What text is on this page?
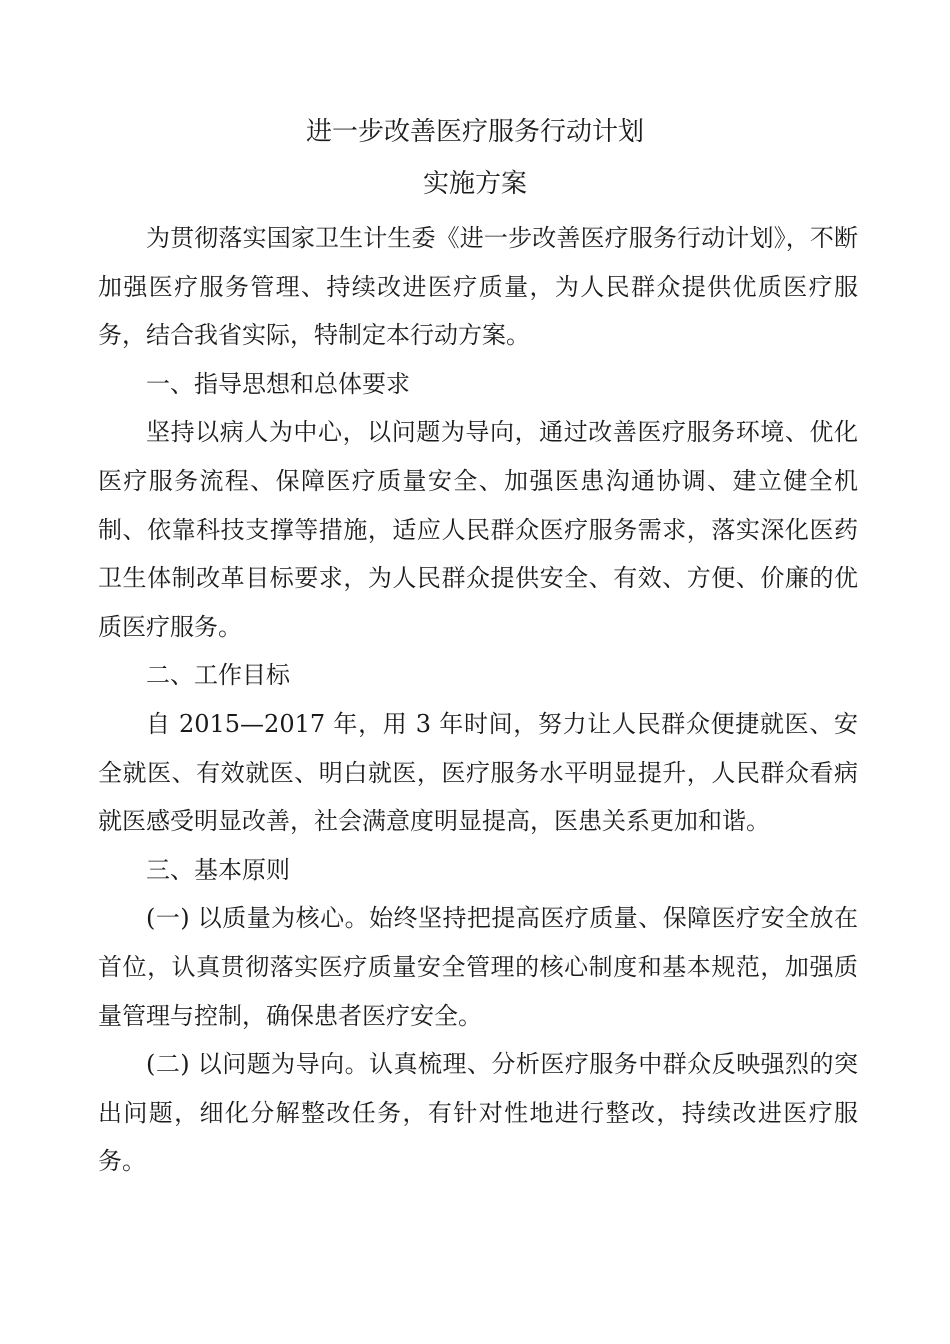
进一步改善医疗服务行动计划
实施方案

为贯彻落实国家卫生计生委《进一步改善医疗服务行动计划》，不断加强医疗服务管理、持续改进医疗质量，为人民群众提供优质医疗服务，结合我省实际，特制定本行动方案。

一、指导思想和总体要求

坚持以病人为中心，以问题为导向，通过改善医疗服务环境、优化医疗服务流程、保障医疗质量安全、加强医患沟通协调、建立健全机制、依靠科技支撑等措施，适应人民群众医疗服务需求，落实深化医药卫生体制改革目标要求，为人民群众提供安全、有效、方便、价廉的优质医疗服务。

二、工作目标

自 2015—2017 年，用 3 年时间，努力让人民群众便捷就医、安全就医、有效就医、明白就医，医疗服务水平明显提升，人民群众看病就医感受明显改善，社会满意度明显提高，医患关系更加和谐。

三、基本原则

(一) 以质量为核心。始终坚持把提高医疗质量、保障医疗安全放在首位，认真贯彻落实医疗质量安全管理的核心制度和基本规范，加强质量管理与控制，确保患者医疗安全。

(二) 以问题为导向。认真梳理、分析医疗服务中群众反映强烈的突出问题，细化分解整改任务，有针对性地进行整改，持续改进医疗服务。
